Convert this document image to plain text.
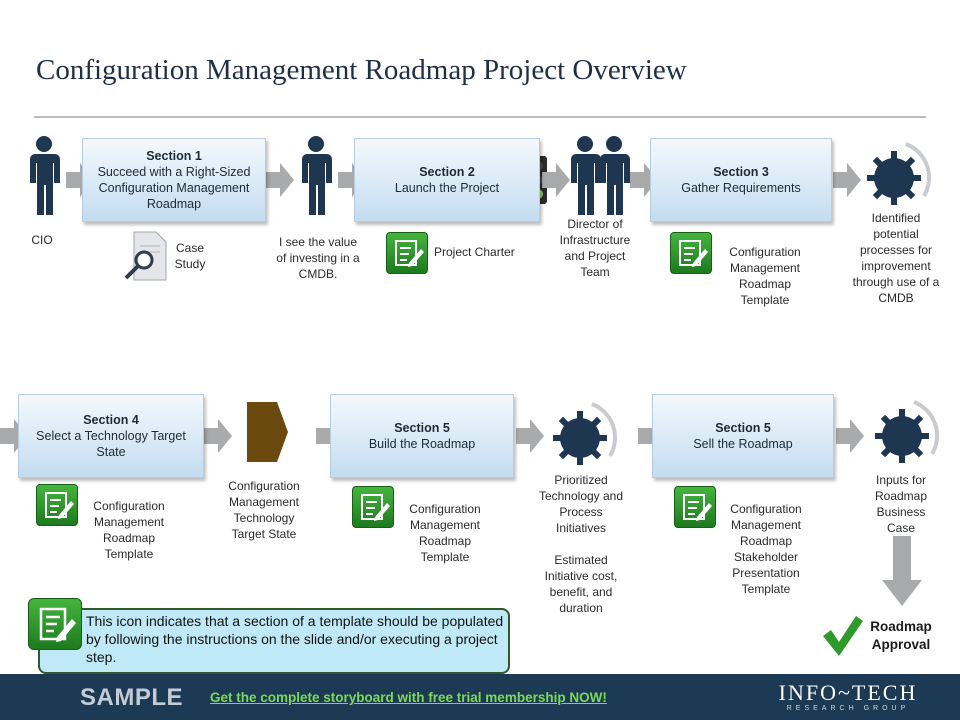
Configuration Management Roadmap Project Overview
CIO
Section 1
Succeed with a Right-Sized Configuration Management Roadmap
Case Study
I see the value of investing in a CMDB.
Section 2
Launch the Project
Project Charter
Director of Infrastructure and Project Team
Section 3
Gather Requirements
Configuration Management Roadmap Template
Identified potential processes for improvement through use of a CMDB
Section 4
Select a Technology Target State
Configuration Management Roadmap Template
Configuration Management Technology Target State
Section 5
Build the Roadmap
Configuration Management Roadmap Template
Prioritized Technology and Process Initiatives
Estimated Initiative cost, benefit, and duration
Section 5
Sell the Roadmap
Configuration Management Roadmap Stakeholder Presentation Template
Inputs for Roadmap Business Case
Roadmap Approval
This icon indicates that a section of a template should be populated by following the instructions on the slide and/or executing a project step.
SAMPLE Get the complete storyboard with free trial membership NOW!	INFO~TECH
RESEARCH GROUP
